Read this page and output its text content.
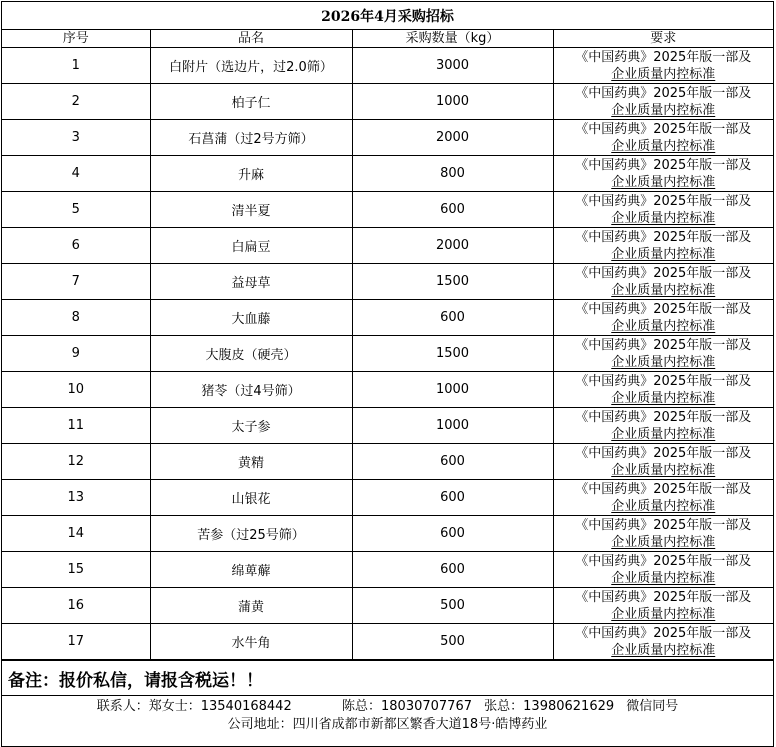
2026年4月采购招标			
序号	品名	采购数量（kg）	要求
1	白附片（选边片，过2.0筛）	3000	《中国药典》2025年版一部及
企业质量内控标准

2	柏子仁	1000	《中国药典》2025年版一部及
企业质量内控标准

3	石菖蒲（过2号方筛）	2000	《中国药典》2025年版一部及
企业质量内控标准

4	升麻	800	《中国药典》2025年版一部及
企业质量内控标准

5	清半夏	600	《中国药典》2025年版一部及
企业质量内控标准

6	白扁豆	2000	《中国药典》2025年版一部及
企业质量内控标准

7	益母草	1500	《中国药典》2025年版一部及
企业质量内控标准

8	大血藤	600	《中国药典》2025年版一部及
企业质量内控标准

9	大腹皮（硬壳）	1500	《中国药典》2025年版一部及
企业质量内控标准

10	猪苓（过4号筛）	1000	《中国药典》2025年版一部及
企业质量内控标准

11	太子参	1000	《中国药典》2025年版一部及
企业质量内控标准

12	黄精	600	《中国药典》2025年版一部及
企业质量内控标准

13	山银花	600	《中国药典》2025年版一部及
企业质量内控标准

14	苦参（过25号筛）	600	《中国药典》2025年版一部及
企业质量内控标准

15	绵萆薢	600	《中国药典》2025年版一部及
企业质量内控标准

16	蒲黄	500	《中国药典》2025年版一部及
企业质量内控标准

17	水牛角	500	《中国药典》2025年版一部及
企业质量内控标准
备注：报价私信，请报含税运！！
联系人：郑女士：13540168442	陈总：18030707767 张总：13980621629 微信同号
公司地址：四川省成都市新都区繁香大道18号·皓博药业
